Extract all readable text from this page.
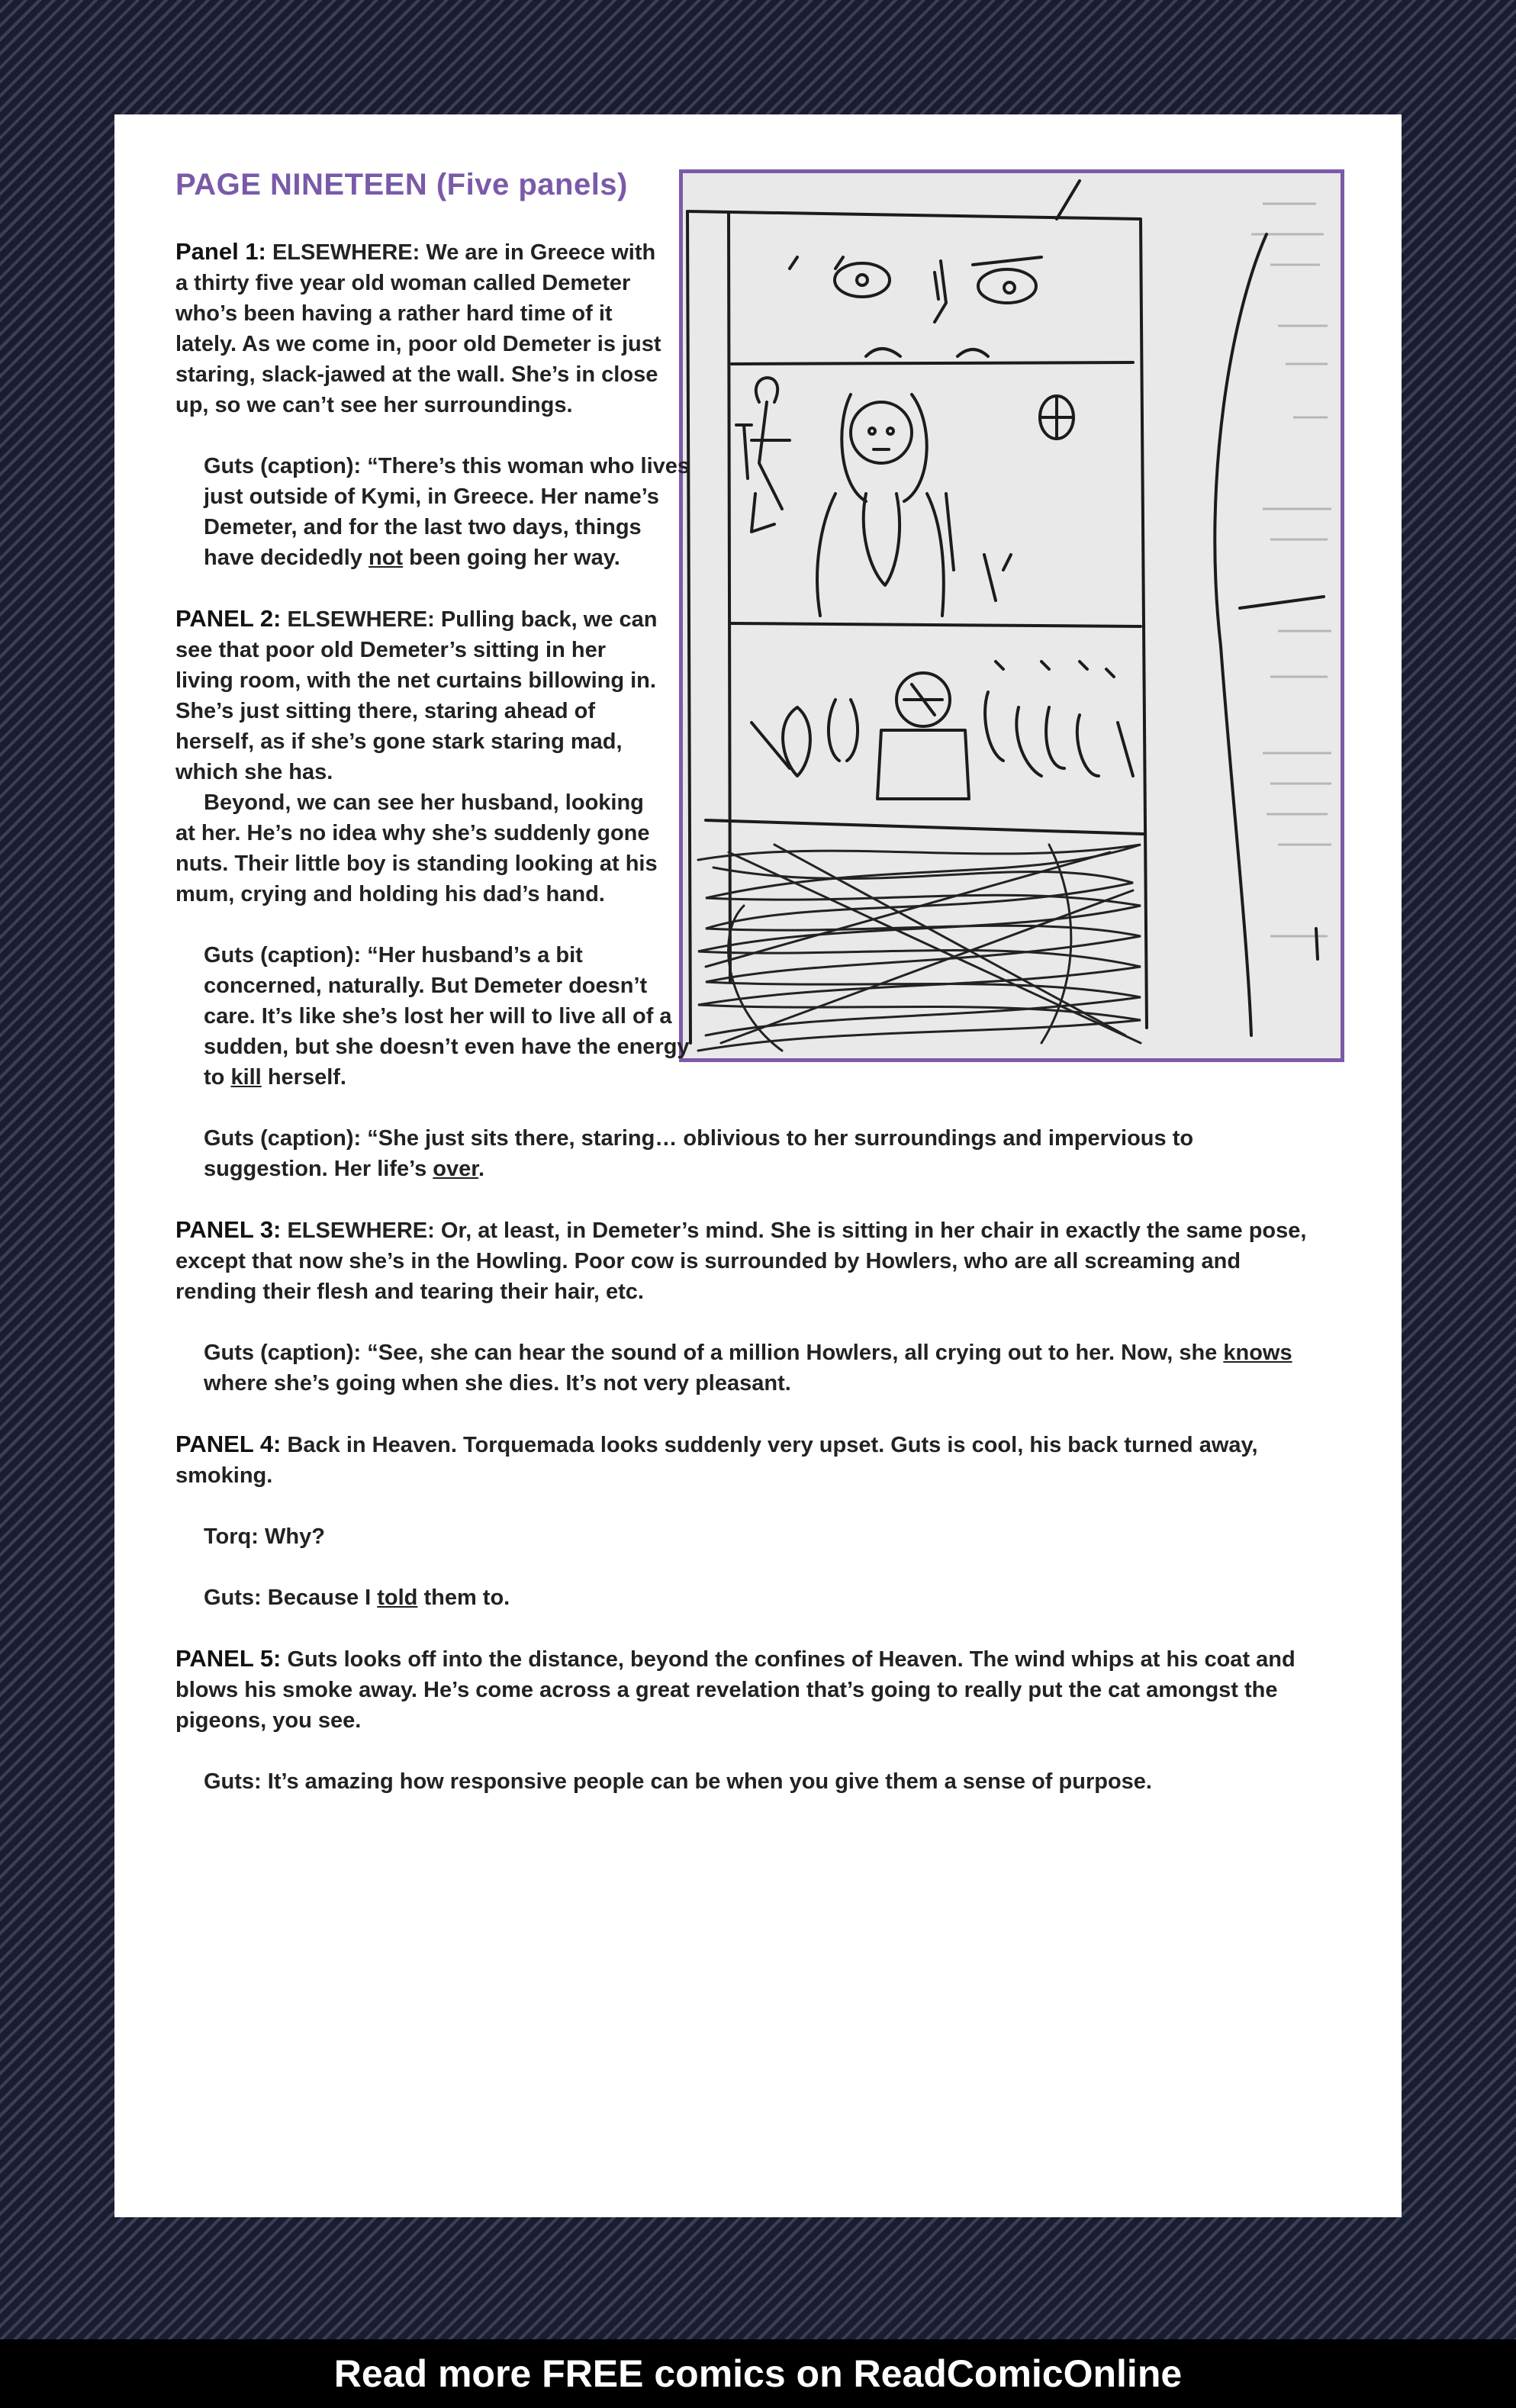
PAGE NINETEEN (Five panels)

Panel 1: ELSEWHERE: We are in Greece with a thirty five year old woman called Demeter who’s been having a rather hard time of it lately. As we come in, poor old Demeter is just staring, slack-jawed at the wall. She’s in close up, so we can’t see her surroundings.

Guts (caption): “There’s this woman who lives just outside of Kymi, in Greece. Her name’s Demeter, and for the last two days, things have decidedly not been going her way.

PANEL 2: ELSEWHERE: Pulling back, we can see that poor old Demeter’s sitting in her living room, with the net curtains billowing in. She’s just sitting there, staring ahead of herself, as if she’s gone stark staring mad, which she has.

Beyond, we can see her husband, looking at her. He’s no idea why she’s suddenly gone nuts. Their little boy is standing looking at his mum, crying and holding his dad’s hand.

Guts (caption): “Her husband’s a bit concerned, naturally. But Demeter doesn’t care. It’s like she’s lost her will to live all of a sudden, but she doesn’t even have the energy to kill herself.

Guts (caption): “She just sits there, staring… oblivious to her surroundings and impervious to suggestion. Her life’s over.

PANEL 3: ELSEWHERE: Or, at least, in Demeter’s mind. She is sitting in her chair in exactly the same pose, except that now she’s in the Howling. Poor cow is surrounded by Howlers, who are all screaming and rending their flesh and tearing their hair, etc.

Guts (caption): “See, she can hear the sound of a million Howlers, all crying out to her. Now, she knows where she’s going when she dies. It’s not very pleasant.

PANEL 4: Back in Heaven. Torquemada looks suddenly very upset. Guts is cool, his back turned away, smoking.

Torq: Why?

Guts: Because I told them to.

PANEL 5: Guts looks off into the distance, beyond the confines of Heaven. The wind whips at his coat and blows his smoke away. He’s come across a great revelation that’s going to really put the cat amongst the pigeons, you see.

Guts: It’s amazing how responsive people can be when you give them a sense of purpose.

Read more FREE comics on ReadComicOnline
